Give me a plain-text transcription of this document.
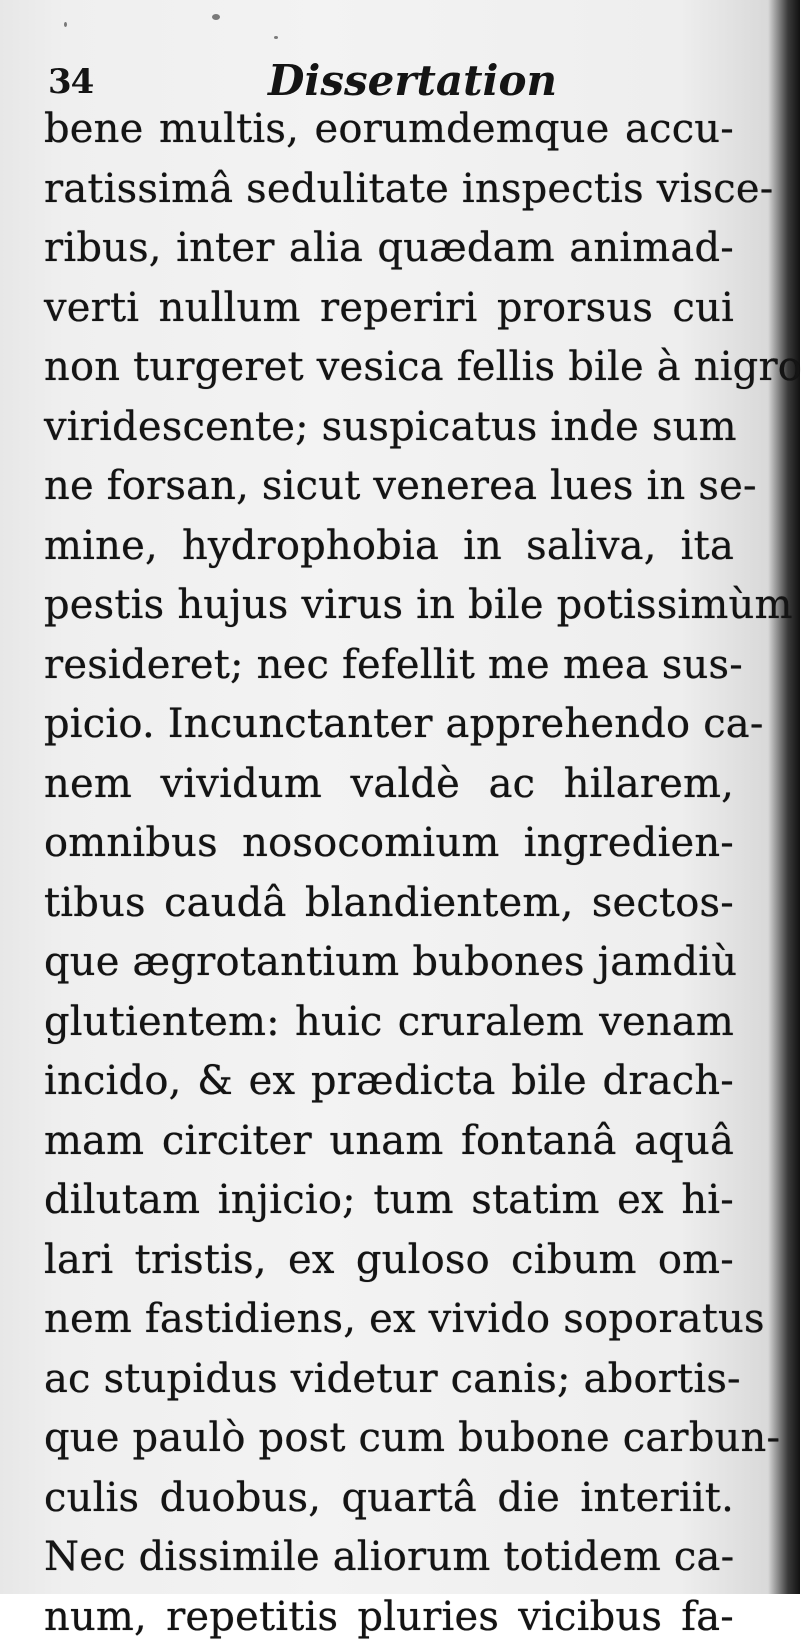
34	Dissertation
bene multis, eorumdemque accu-
ratissimâ sedulitate inspectis visce-
ribus, inter alia quædam animad-
verti nullum reperiri prorsus cui
non turgeret vesica fellis bile à nigro
viridescente; suspicatus inde sum
ne forsan, sicut venerea lues in se-
mine, hydrophobia in saliva, ita
pestis hujus virus in bile potissimùm
resideret; nec fefellit me mea sus-
picio. Incunctanter apprehendo ca-
nem vividum valdè ac hilarem,
omnibus nosocomium ingredien-
tibus caudâ blandientem, sectos-
que ægrotantium bubones jamdiù
glutientem: huic cruralem venam
incido, & ex prædicta bile drach-
mam circiter unam fontanâ aquâ
dilutam injicio; tum statim ex hi-
lari tristis, ex guloso cibum om-
nem fastidiens, ex vivido soporatus
ac stupidus videtur canis; abortis-
que paulò post cum bubone carbun-
culis duobus, quartâ die interiit.
Nec dissimile aliorum totidem ca-
num, repetitis pluries vicibus fa-
